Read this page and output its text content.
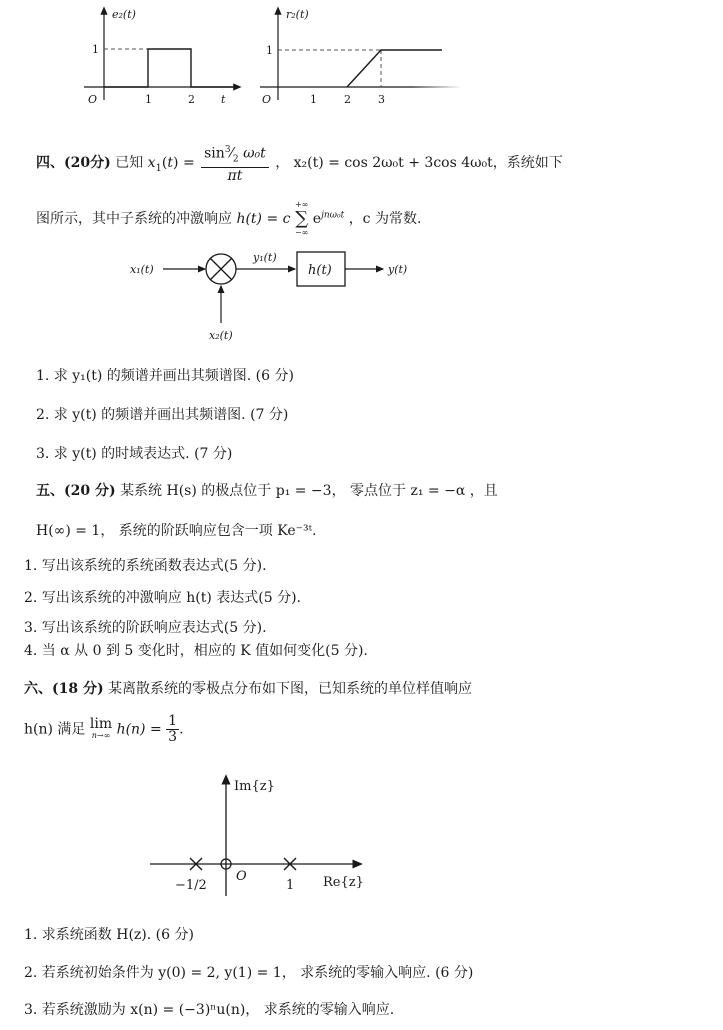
e₂(t)
1
O	1	2 t
r₂(t)
1
O	1 2 3
四、(20分) 已知 $x_1(t) = \frac{\sin^3⁄_2 \omega_0t}{\pi t}$ ， x₂(t) = cos 2ω₀t + 3cos 4ω₀t，系统如下
图所示，其中子系统的冲激响应 h(t) = c
+∞
∑
−∞
$e^{jn\omega_0t}$ ，c 为常数.
x₁(t)
y₁(t)
h(t)	y(t)
x₂(t)
1. 求 y₁(t) 的频谱并画出其频谱图. (6 分)
2. 求 y(t) 的频谱并画出其频谱图. (7 分)
3. 求 y(t) 的时域表达式. (7 分)
五、(20 分) 某系统 H(s) 的极点位于 p₁ = −3， 零点位于 z₁ = −α ，且
H(∞) = 1， 系统的阶跃响应包含一项 Ke⁻³ᵗ.
1. 写出该系统的系统函数表达式(5 分).
2. 写出该系统的冲激响应 h(t) 表达式(5 分).
3. 写出该系统的阶跃响应表达式(5 分).
4. 当 α 从 0 到 5 变化时，相应的 K 值如何变化(5 分).
六、(18 分) 某离散系统的零极点分布如下图，已知系统的单位样值响应
h(n) 满足 lim
n→∞ $h(n) = \frac{1}{3}$ .
Im{z}
Re{z}
O
−1/2	1
1. 求系统函数 H(z). (6 分)
2. 若系统初始条件为 y(0) = 2, y(1) = 1， 求系统的零输入响应. (6 分)
3. 若系统激励为 x(n) = (−3)ⁿu(n)， 求系统的零输入响应.
